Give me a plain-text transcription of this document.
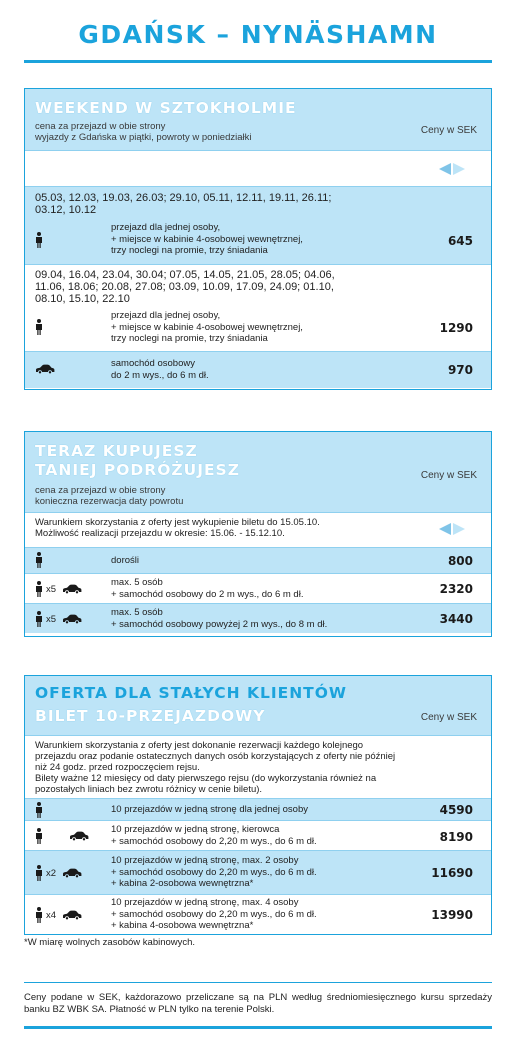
GDAŃSK – NYNÄSHAMN
WEEKEND W SZTOKHOLMIE
cena za przejazd w obie strony
wyjazdy z Gdańska w piątki, powroty w poniedziałki
Ceny w SEK
05.03, 12.03, 19.03, 26.03; 29.10, 05.11, 12.11, 19.11, 26.11;
03.12, 10.12
przejazd dla jednej osoby,
+ miejsce w kabinie 4-osobowej wewnętrznej,
trzy noclegi na promie, trzy śniadania
645
09.04, 16.04, 23.04, 30.04; 07.05, 14.05, 21.05, 28.05; 04.06,
11.06, 18.06; 20.08, 27.08; 03.09, 10.09, 17.09, 24.09; 01.10,
08.10, 15.10, 22.10
przejazd dla jednej osoby,
+ miejsce w kabinie 4-osobowej wewnętrznej,
trzy noclegi na promie, trzy śniadania
1290
samochód osobowy
do 2 m wys., do 6 m dł.	970
TERAZ KUPUJESZ
TANIEJ PODRÓŻUJESZ
cena za przejazd w obie strony
konieczna rezerwacja daty powrotu
Ceny w SEK
Warunkiem skorzystania z oferty jest wykupienie biletu do 15.05.10.
Możliwość realizacji przejazdu w okresie: 15.06. - 15.12.10.
dorośli	800
x5
max. 5 osób
+ samochód osobowy do 2 m wys., do 6 m dł.	2320
x5
max. 5 osób
+ samochód osobowy powyżej 2 m wys., do 8 m dł.	3440
OFERTA DLA STAŁYCH KLIENTÓW
BILET 10-PRZEJAZDOWY	Ceny w SEK
Warunkiem skorzystania z oferty jest dokonanie rezerwacji każdego kolejnego
przejazdu oraz podanie ostatecznych danych osób korzystających z oferty nie później
niż 24 godz. przed rozpoczęciem rejsu.
Bilety ważne 12 miesięcy od daty pierwszego rejsu (do wykorzystania również na
pozostałych liniach bez zwrotu różnicy w cenie biletu).
10 przejazdów w jedną stronę dla jednej osoby	4590
10 przejazdów w jedną stronę, kierowca
+ samochód osobowy do 2,20 m wys., do 6 m dł.	8190
x2
10 przejazdów w jedną stronę, max. 2 osoby
+ samochód osobowy do 2,20 m wys., do 6 m dł.
+ kabina 2-osobowa wewnętrzna*
11690
x4
10 przejazdów w jedną stronę, max. 4 osoby
+ samochód osobowy do 2,20 m wys., do 6 m dł.
+ kabina 4-osobowa wewnętrzna*
13990
*W miarę wolnych zasobów kabinowych.
Ceny podane w SEK, każdorazowo przeliczane są na PLN według średniomiesięcznego kursu sprzedaży banku BZ WBK SA. Płatność w PLN tylko na terenie Polski.
